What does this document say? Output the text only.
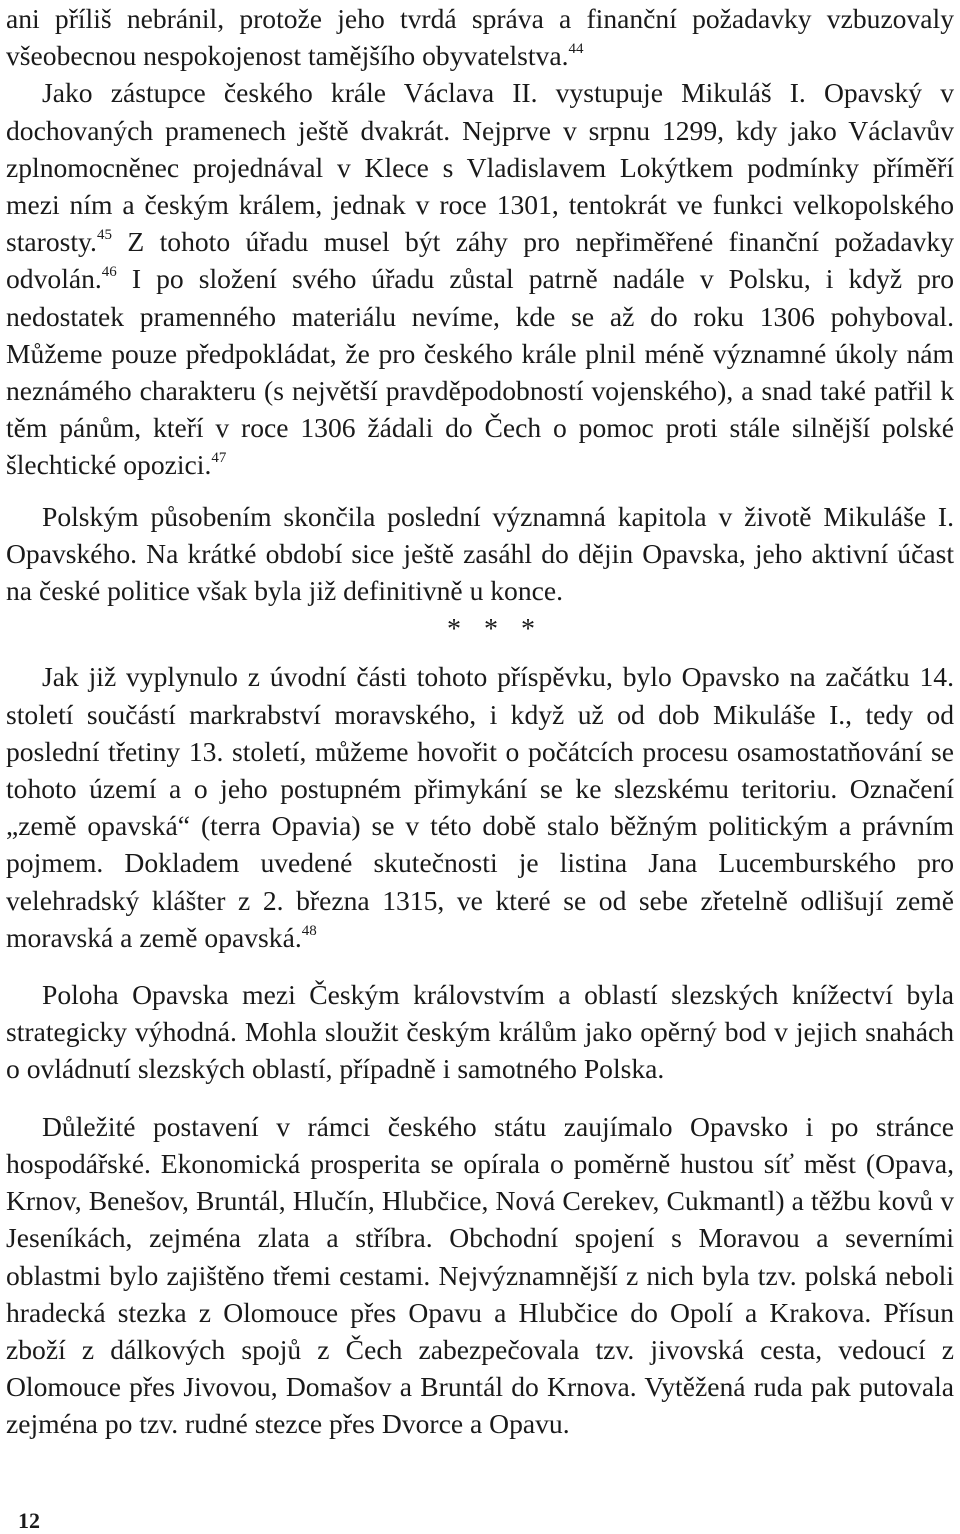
ani příliš nebránil, protože jeho tvrdá správa a finanční požadavky vzbuzovaly všeobecnou nespokojenost tamějšího obyvatelstva.$^{44}$

Jako zástupce českého krále Václava II. vystupuje Mikuláš I. Opavský v dochovaných pramenech ještě dvakrát. Nejprve v srpnu 1299, kdy jako Václavův zplnomocněnec projednával v Klece s Vladislavem Lokýtkem podmínky příměří mezi ním a českým králem, jednak v roce 1301, tentokrát ve funkci velkopolského starosty.$^{45}$ Z tohoto úřadu musel být záhy pro nepřiměřené finanční požadavky odvolán.$^{46}$ I po složení svého úřadu zůstal patrně nadále v Polsku, i když pro nedostatek pramenného materiálu nevíme, kde se až do roku 1306 pohyboval. Můžeme pouze předpokládat, že pro českého krále plnil méně významné úkoly nám neznámého charakteru (s největší pravděpodobností vojenského), a snad také patřil k těm pánům, kteří v roce 1306 žádali do Čech o pomoc proti stále silnější polské šlechtické opozici.$^{47}$

Polským působením skončila poslední významná kapitola v životě Mikuláše I. Opavského. Na krátké období sice ještě zasáhl do dějin Opavska, jeho aktivní účast na české politice však byla již definitivně u konce.

* * *

Jak již vyplynulo z úvodní části tohoto příspěvku, bylo Opavsko na začátku 14. století součástí markrabství moravského, i když už od dob Mikuláše I., tedy od poslední třetiny 13. století, můžeme hovořit o počátcích procesu osamostatňování se tohoto území a o jeho postupném přimykání se ke slezskému teritoriu. Označení „země opavská“ (terra Opavia) se v této době stalo běžným politickým a právním pojmem. Dokladem uvedené skutečnosti je listina Jana Lucemburského pro velehradský klášter z 2. března 1315, ve které se od sebe zřetelně odlišují země moravská a země opavská.$^{48}$

Poloha Opavska mezi Českým královstvím a oblastí slezských knížectví byla strategicky výhodná. Mohla sloužit českým králům jako opěrný bod v jejich snahách o ovládnutí slezských oblastí, případně i samotného Polska.

Důležité postavení v rámci českého státu zaujímalo Opavsko i po stránce hospodářské. Ekonomická prosperita se opírala o poměrně hustou síť měst (Opava, Krnov, Benešov, Bruntál, Hlučín, Hlubčice, Nová Cerekev, Cukmantl) a těžbu kovů v Jeseníkách, zejména zlata a stříbra. Obchodní spojení s Moravou a severními oblastmi bylo zajištěno třemi cestami. Nejvýznamnější z nich byla tzv. polská neboli hradecká stezka z Olomouce přes Opavu a Hlubčice do Opolí a Krakova. Přísun zboží z dálkových spojů z Čech zabezpečovala tzv. jivovská cesta, vedoucí z Olomouce přes Jivovou, Domašov a Bruntál do Krnova. Vytěžená ruda pak putovala zejména po tzv. rudné stezce přes Dvorce a Opavu.

12
